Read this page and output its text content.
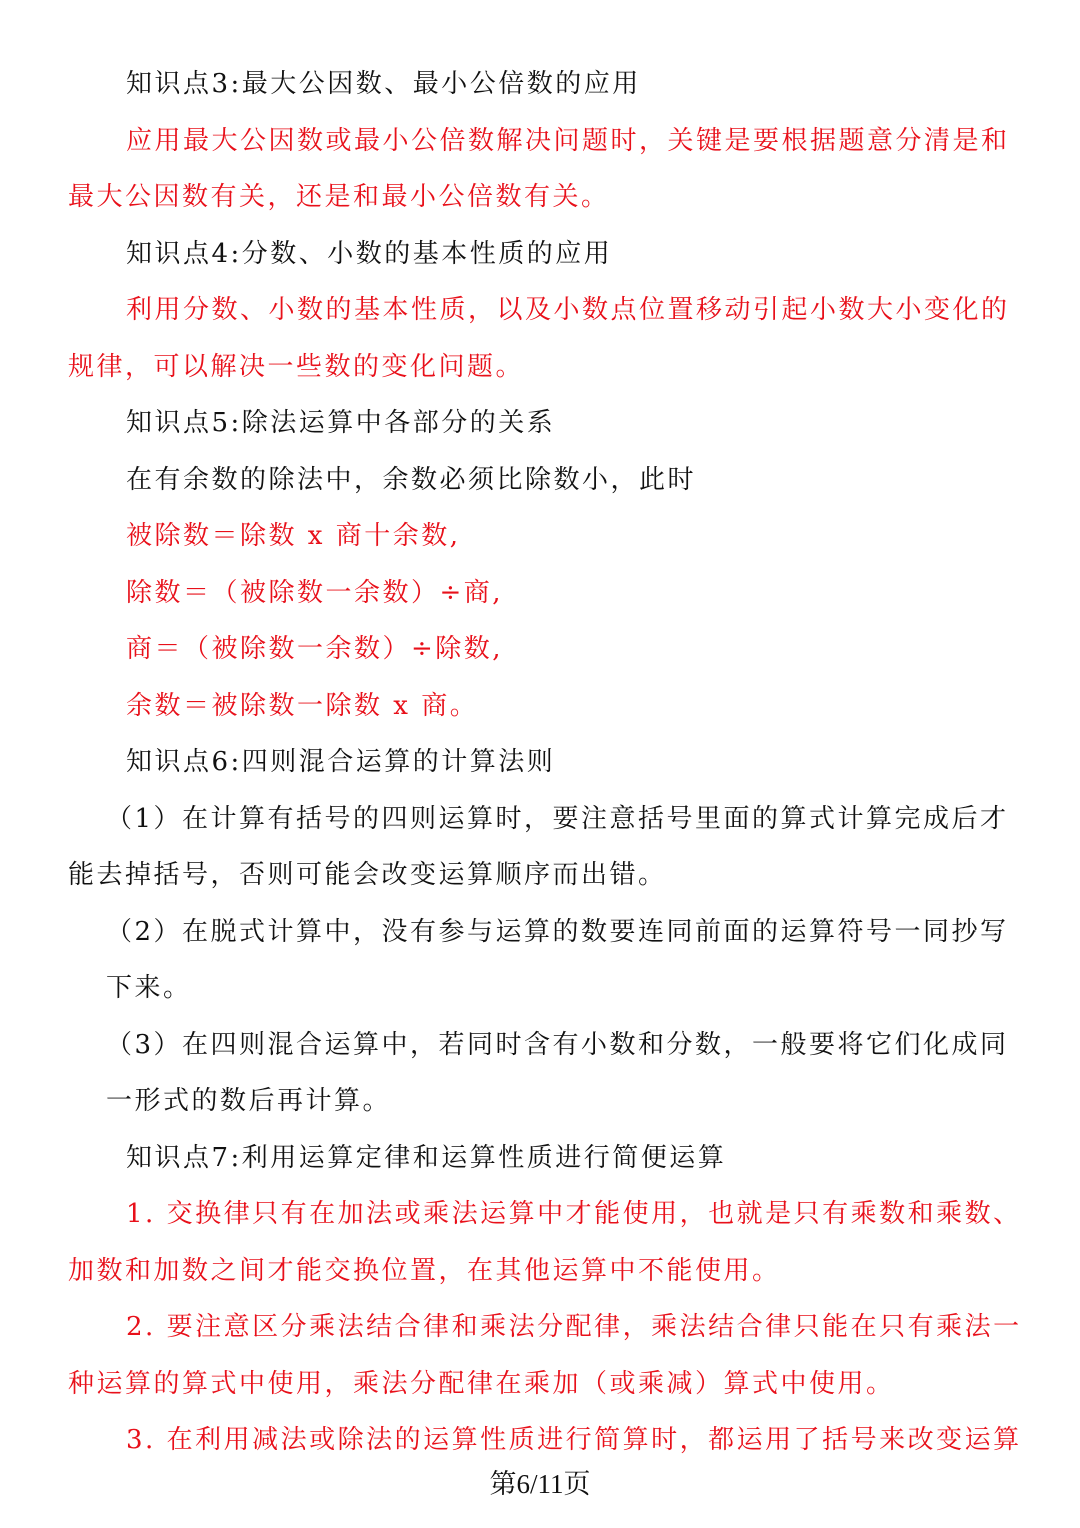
知识点3:最大公因数、最小公倍数的应用
应用最大公因数或最小公倍数解决问题时，关键是要根据题意分清是和
最大公因数有关，还是和最小公倍数有关。
知识点4:分数、小数的基本性质的应用
利用分数、小数的基本性质，以及小数点位置移动引起小数大小变化的
规律，可以解决一些数的变化问题。
知识点5:除法运算中各部分的关系
在有余数的除法中，余数必须比除数小，此时
被除数＝除数 x 商十余数,
除数＝（被除数一余数）÷商,
商＝（被除数一余数）÷除数,
余数＝被除数一除数 x 商。
知识点6:四则混合运算的计算法则
（1）在计算有括号的四则运算时，要注意括号里面的算式计算完成后才
能去掉括号，否则可能会改变运算顺序而出错。
（2）在脱式计算中，没有参与运算的数要连同前面的运算符号一同抄写
下来。
（3）在四则混合运算中，若同时含有小数和分数，一般要将它们化成同
一形式的数后再计算。
知识点7:利用运算定律和运算性质进行简便运算
1. 交换律只有在加法或乘法运算中才能使用，也就是只有乘数和乘数、
加数和加数之间才能交换位置，在其他运算中不能使用。
2. 要注意区分乘法结合律和乘法分配律，乘法结合律只能在只有乘法一
种运算的算式中使用，乘法分配律在乘加（或乘减）算式中使用。
3. 在利用减法或除法的运算性质进行简算时，都运用了括号来改变运算
第6/11页
